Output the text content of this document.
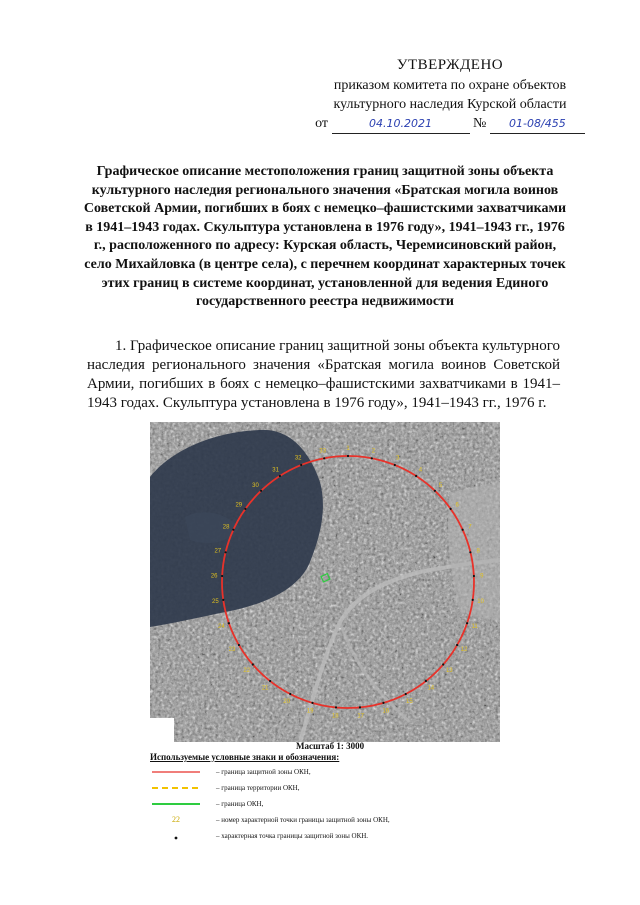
УТВЕРЖДЕНО
приказом комитета по охране объектов
культурного наследия Курской области
от	04.10.2021	№ 01-08/455
Графическое описание местоположения границ защитной зоны объекта культурного наследия регионального значения «Братская могила воинов Советской Армии, погибших в боях с немецко–фашистскими захватчиками в 1941–1943 годах. Скульптура установлена в 1976 году», 1941–1943 гг., 1976 г., расположенного по адресу: Курская область, Черемисиновский район, село Михайловка (в центре села), с перечнем координат характерных точек этих границ в системе координат, установленной для ведения Единого государственного реестра недвижимости
1. Графическое описание границ защитной зоны объекта культурного наследия регионального значения «Братская могила воинов Советской Армии, погибших в боях с немецко–фашистскими захватчиками в 1941–1943 годах. Скульптура установлена в 1976 году», 1941–1943 гг., 1976 г.
1	2
3
4
5
6
7
8
9
10
11
12
13
14
15
16
17
18
19
20
21
22
23
24
25
26
27
28
29
30
31
32
33
Масштаб 1: 3000
Используемые условные знаки и обозначения:
– граница защитной зоны ОКН,
– граница территории ОКН,
– граница ОКН,
22	– номер характерной точки границы защитной зоны ОКН,
– характерная точка границы защитной зоны ОКН.
